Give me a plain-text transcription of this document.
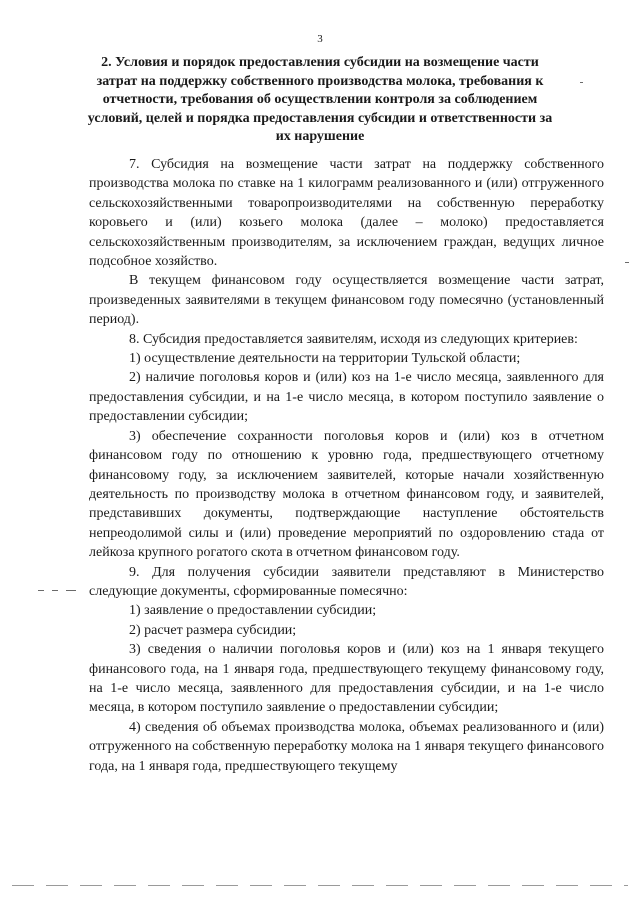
3
2. Условия и порядок предоставления субсидии на возмещение части затрат на поддержку собственного производства молока, требования к отчетности, требования об осуществлении контроля за соблюдением условий, целей и порядка предоставления субсидии и ответственности за их нарушение

7. Субсидия на возмещение части затрат на поддержку собственного производства молока по ставке на 1 килограмм реализованного и (или) отгруженного сельскохозяйственными товаропроизводителями на собственную переработку коровьего и (или) козьего молока (далее – молоко) предоставляется сельскохозяйственным производителям, за исключением граждан, ведущих личное подсобное хозяйство.

В текущем финансовом году осуществляется возмещение части затрат, произведенных заявителями в текущем финансовом году помесячно (установленный период).

8. Субсидия предоставляется заявителям, исходя из следующих критериев:

1) осуществление деятельности на территории Тульской области;

2) наличие поголовья коров и (или) коз на 1-е число месяца, заявленного для предоставления субсидии, и на 1-е число месяца, в котором поступило заявление о предоставлении субсидии;

3) обеспечение сохранности поголовья коров и (или) коз в отчетном финансовом году по отношению к уровню года, предшествующего отчетному финансовому году, за исключением заявителей, которые начали хозяйственную деятельность по производству молока в отчетном финансовом году, и заявителей, представивших документы, подтверждающие наступление обстоятельств непреодолимой силы и (или) проведение мероприятий по оздоровлению стада от лейкоза крупного рогатого скота в отчетном финансовом году.

9. Для получения субсидии заявители представляют в Министерство следующие документы, сформированные помесячно:

1) заявление о предоставлении субсидии;

2) расчет размера субсидии;

3) сведения о наличии поголовья коров и (или) коз на 1 января текущего финансового года, на 1 января года, предшествующего текущему финансовому году, на 1-е число месяца, заявленного для предоставления субсидии, и на 1-е число месяца, в котором поступило заявление о предоставлении субсидии;

4) сведения об объемах производства молока, объемах реализованного и (или) отгруженного на собственную переработку молока на 1 января текущего финансового года, на 1 января года, предшествующего текущему
